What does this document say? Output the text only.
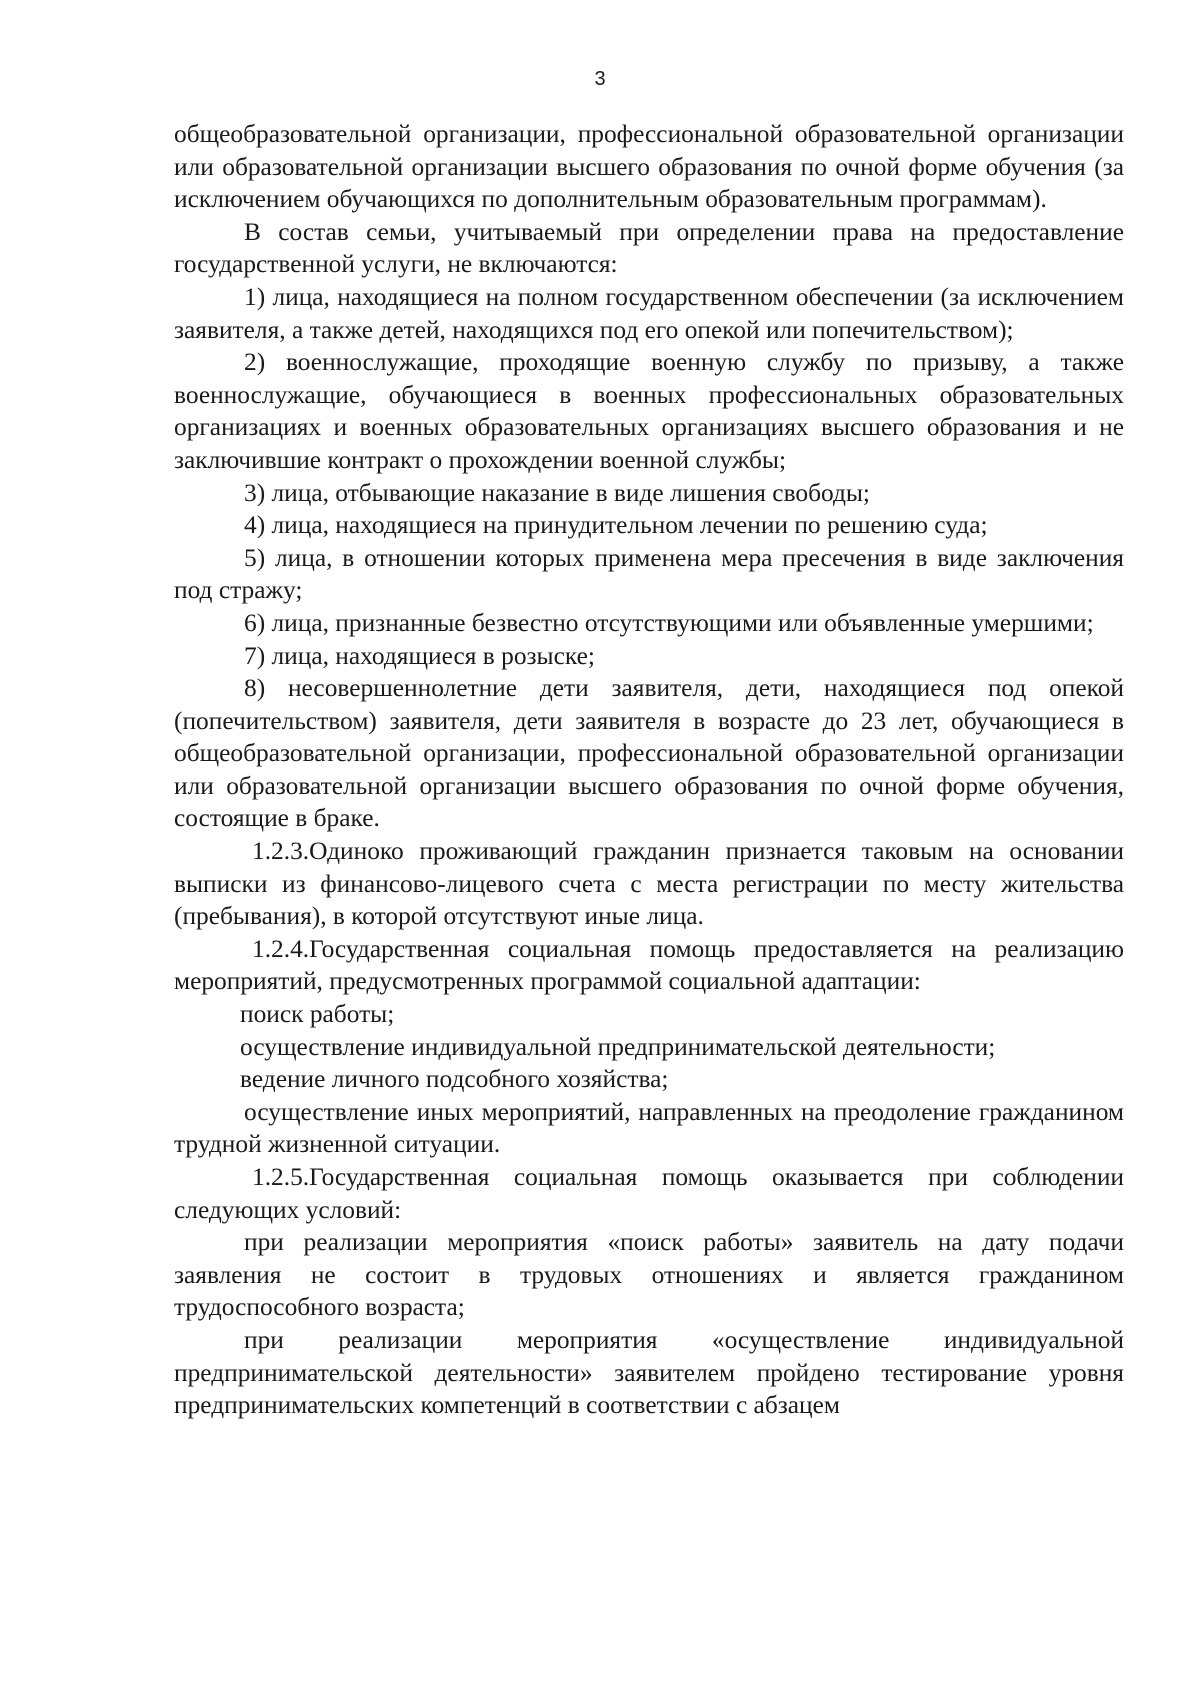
3

общеобразовательной организации, профессиональной образовательной организации или образовательной организации высшего образования по очной форме обучения (за исключением обучающихся по дополнительным образовательным программам).

В состав семьи, учитываемый при определении права на предоставление государственной услуги, не включаются:

1) лица, находящиеся на полном государственном обеспечении (за исключением заявителя, а также детей, находящихся под его опекой или попечительством);

2) военнослужащие, проходящие военную службу по призыву, а также военнослужащие, обучающиеся в военных профессиональных образовательных организациях и военных образовательных организациях высшего образования и не заключившие контракт о прохождении военной службы;

3) лица, отбывающие наказание в виде лишения свободы;

4) лица, находящиеся на принудительном лечении по решению суда;

5) лица, в отношении которых применена мера пресечения в виде заключения под стражу;

6) лица, признанные безвестно отсутствующими или объявленные умершими;

7) лица, находящиеся в розыске;

8) несовершеннолетние дети заявителя, дети, находящиеся под опекой (попечительством) заявителя, дети заявителя в возрасте до 23 лет, обучающиеся в общеобразовательной организации, профессиональной образовательной организации или образовательной организации высшего образования по очной форме обучения, состоящие в браке.

1.2.3.Одиноко проживающий гражданин признается таковым на основании выписки из финансово-лицевого счета с места регистрации по месту жительства (пребывания), в которой отсутствуют иные лица.

1.2.4.Государственная социальная помощь предоставляется на реализацию мероприятий, предусмотренных программой социальной адаптации:

поиск работы;

осуществление индивидуальной предпринимательской деятельности;

ведение личного подсобного хозяйства;

осуществление иных мероприятий, направленных на преодоление гражданином трудной жизненной ситуации.

1.2.5.Государственная социальная помощь оказывается при соблюдении следующих условий:

при реализации мероприятия «поиск работы» заявитель на дату подачи заявления не состоит в трудовых отношениях и является гражданином трудоспособного возраста;

при реализации мероприятия «осуществление индивидуальной предпринимательской деятельности» заявителем пройдено тестирование уровня предпринимательских компетенций в соответствии с абзацем
